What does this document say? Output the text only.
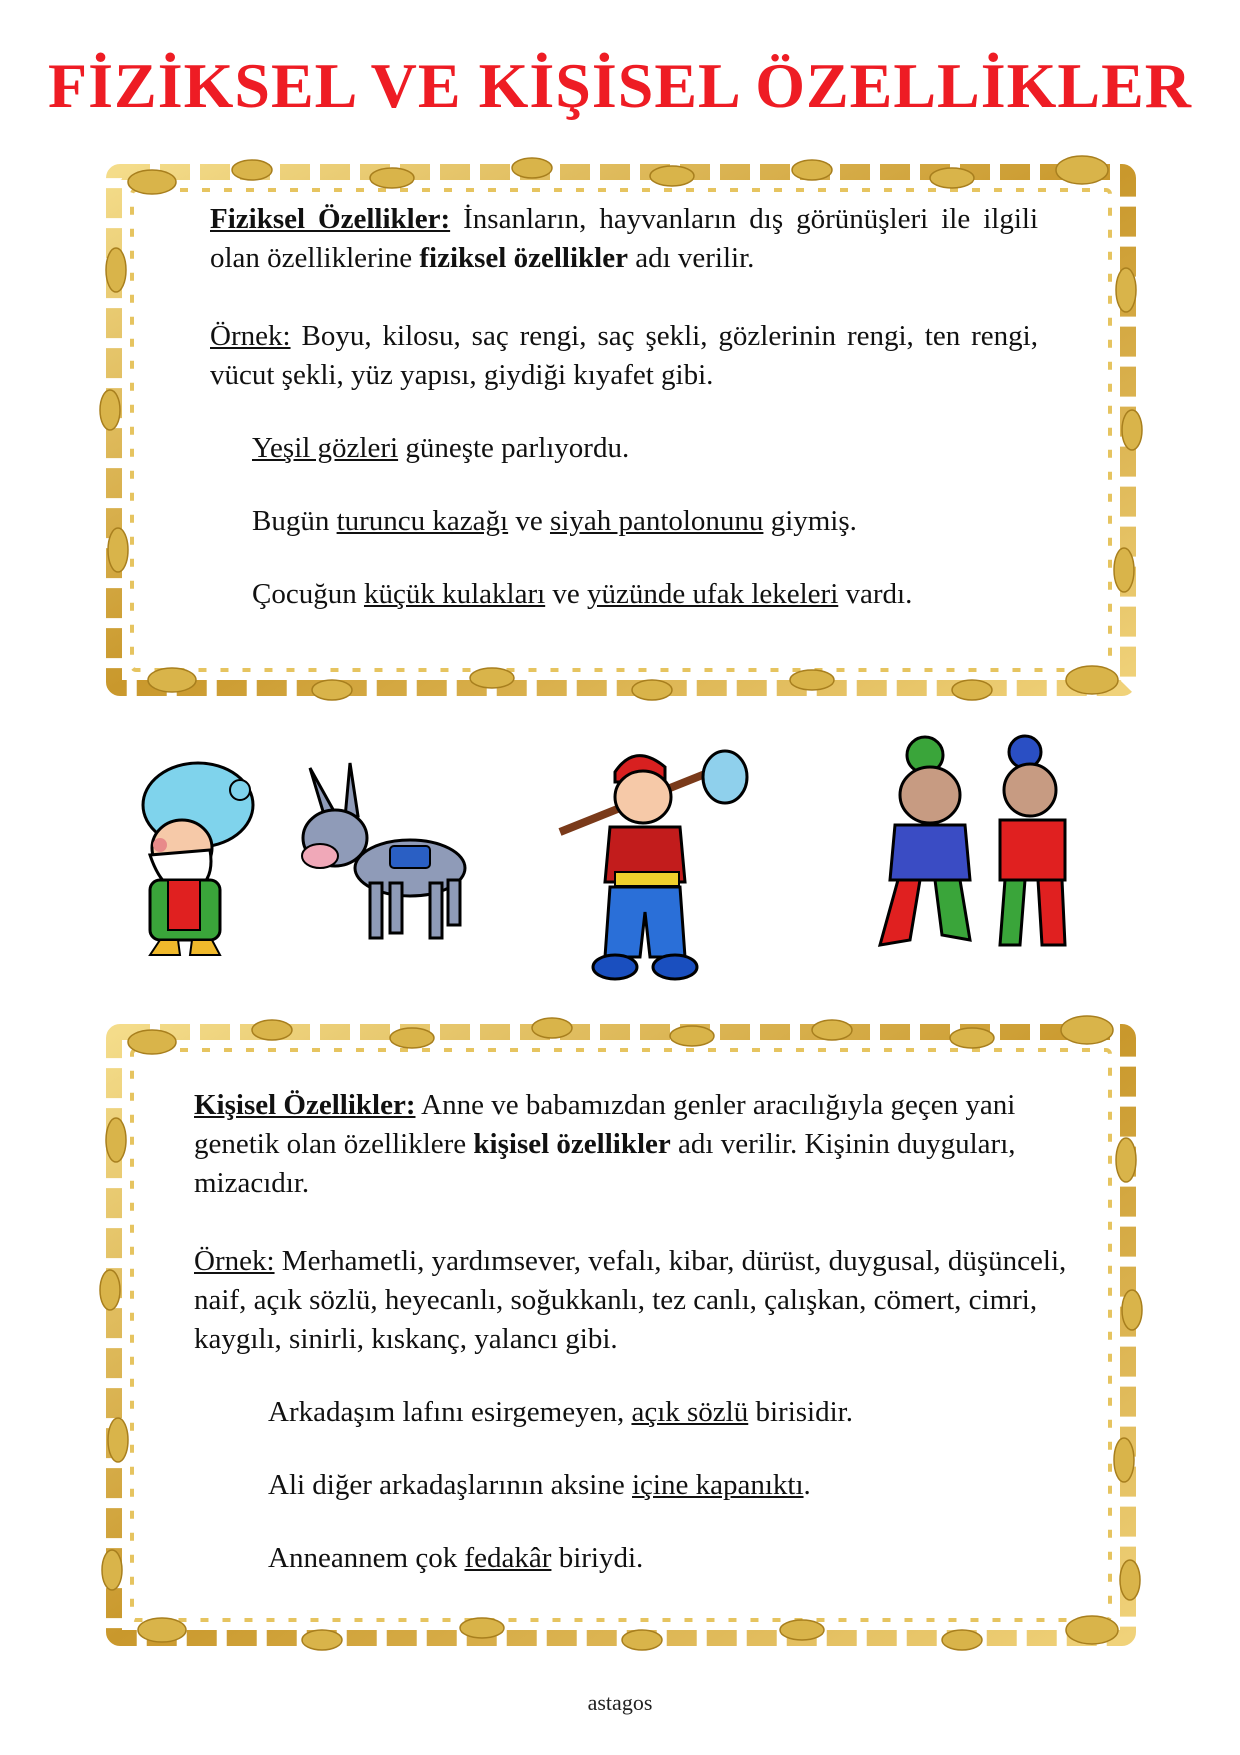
FİZİKSEL VE KİŞİSEL ÖZELLİKLER

Fiziksel Özellikler: İnsanların, hayvanların dış görünüşleri ile ilgili olan özelliklerine fiziksel özellikler adı verilir.

Örnek: Boyu, kilosu, saç rengi, saç şekli, gözlerinin rengi, ten rengi, vücut şekli, yüz yapısı, giydiği kıyafet gibi.

Yeşil gözleri güneşte parlıyordu.

Bugün turuncu kazağı ve siyah pantolonunu giymiş.

Çocuğun küçük kulakları ve yüzünde ufak lekeleri vardı.

Kişisel Özellikler: Anne ve babamızdan genler aracılığıyla geçen yani genetik olan özelliklere kişisel özellikler adı verilir. Kişinin duyguları, mizacıdır.

Örnek: Merhametli, yardımsever, vefalı, kibar, dürüst, duygusal, düşünceli, naif, açık sözlü, heyecanlı, soğukkanlı, tez canlı, çalışkan, cömert, cimri, kaygılı, sinirli, kıskanç, yalancı gibi.

Arkadaşım lafını esirgemeyen, açık sözlü birisidir.

Ali diğer arkadaşlarının aksine içine kapanıktı.

Anneannem çok fedakâr biriydi.

astagos
